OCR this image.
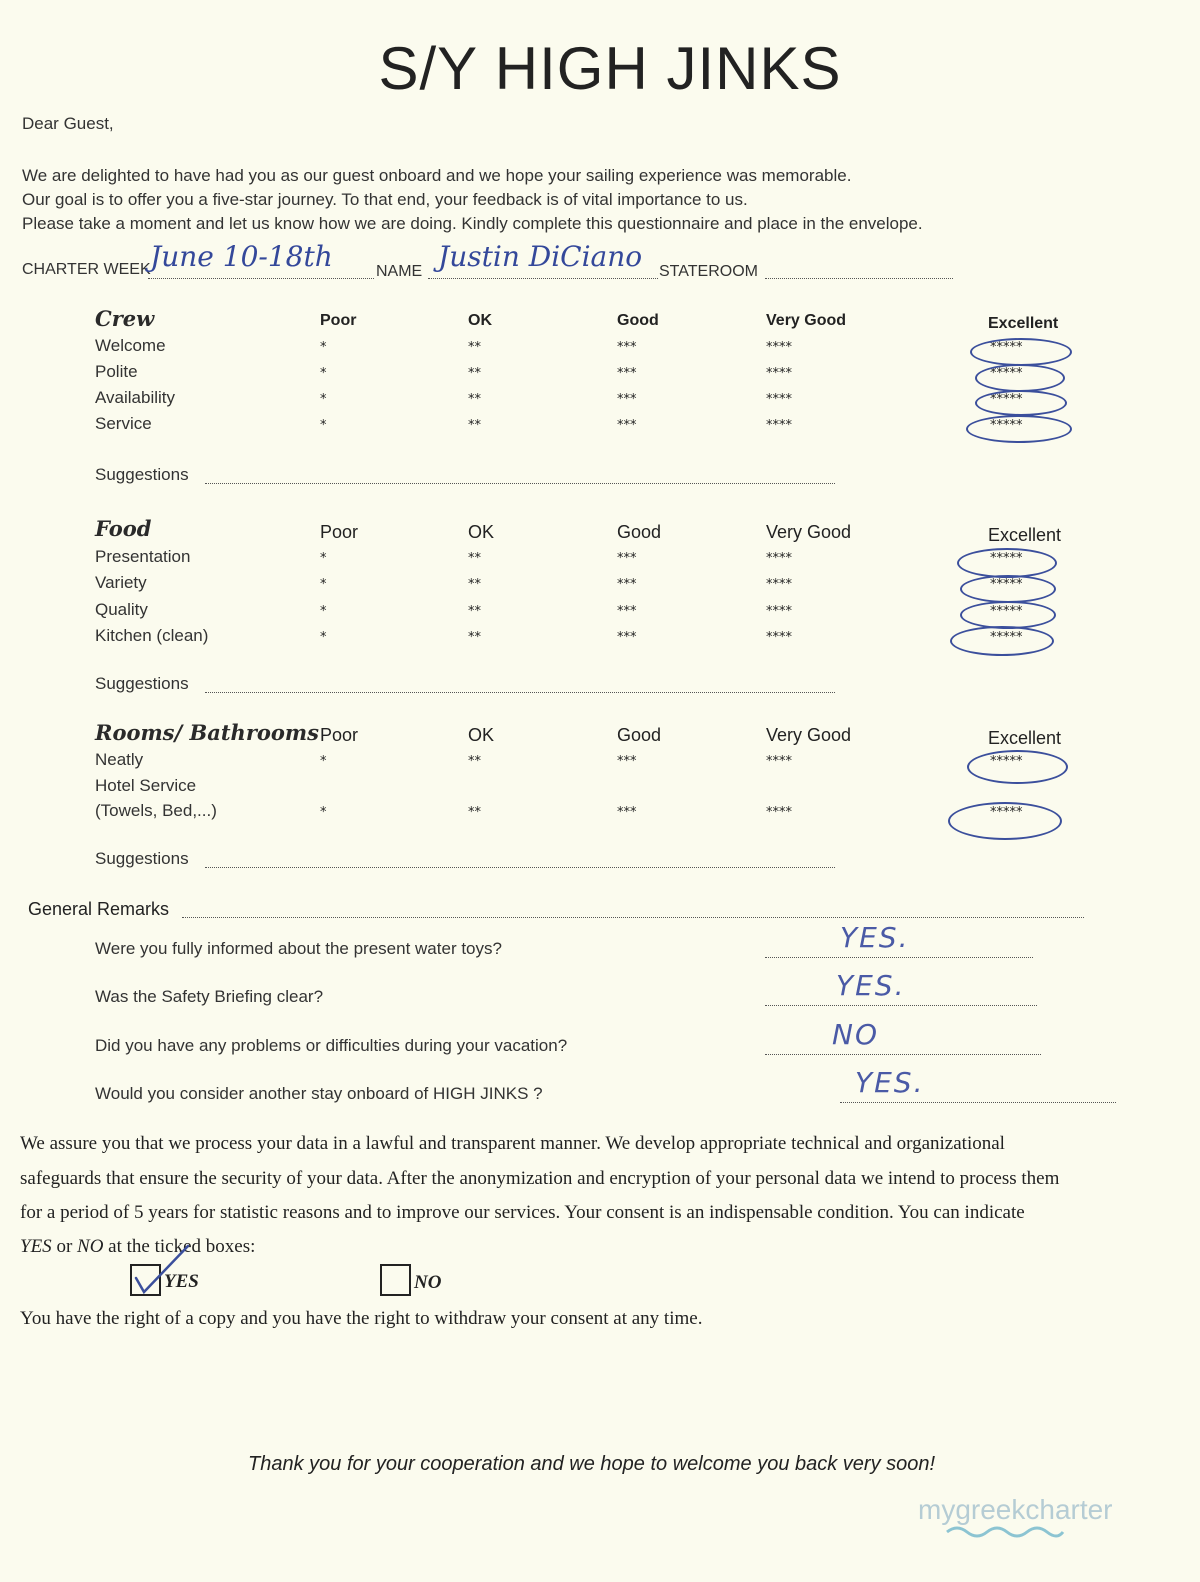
S/Y HIGH JINKS
Dear Guest,
We are delighted to have had you as our guest onboard and we hope your sailing experience was memorable.
Our goal is to offer you a five-star journey. To that end, your feedback is of vital importance to us.
Please take a moment and let us know how we are doing. Kindly complete this questionnaire and place in the envelope.
CHARTER WEEK June 10-18th	NAME Justin DiCiano STATEROOM
Crew	Poor	OK	Good	Very Good	Excellent
Welcome	*	**	***	****	*****
Polite	*	**	***	****	*****
Availability	*	**	***	****	*****
Service	*	**	***	****	*****
Suggestions
Food	Poor	OK	Good	Very Good	Excellent
Presentation	*	**	***	****	*****
Variety	*	**	***	****	*****
Quality	*	**	***	****	*****
Kitchen (clean)	*	**	***	****	*****
Suggestions
Rooms/ Bathrooms Poor	OK	Good	Very Good	Excellent
Neatly	*	**	***	****	*****
Hotel Service
(Towels, Bed,...)	*	**	***	****	*****
Suggestions
General Remarks
Were you fully informed about the present water toys?	YES.
Was the Safety Briefing clear?	YES.
Did you have any problems or difficulties during your vacation?	NO
Would you consider another stay onboard of HIGH JINKS ?	YES.
We assure you that we process your data in a lawful and transparent manner. We develop appropriate technical and organizational
safeguards that ensure the security of your data. After the anonymization and encryption of your personal data we intend to process them
for a period of 5 years for statistic reasons and to improve our services. Your consent is an indispensable condition. You can indicate
YES or NO at the ticked boxes:
YES	NO
You have the right of a copy and you have the right to withdraw your consent at any time.
Thank you for your cooperation and we hope to welcome you back very soon!
mygreekcharter
